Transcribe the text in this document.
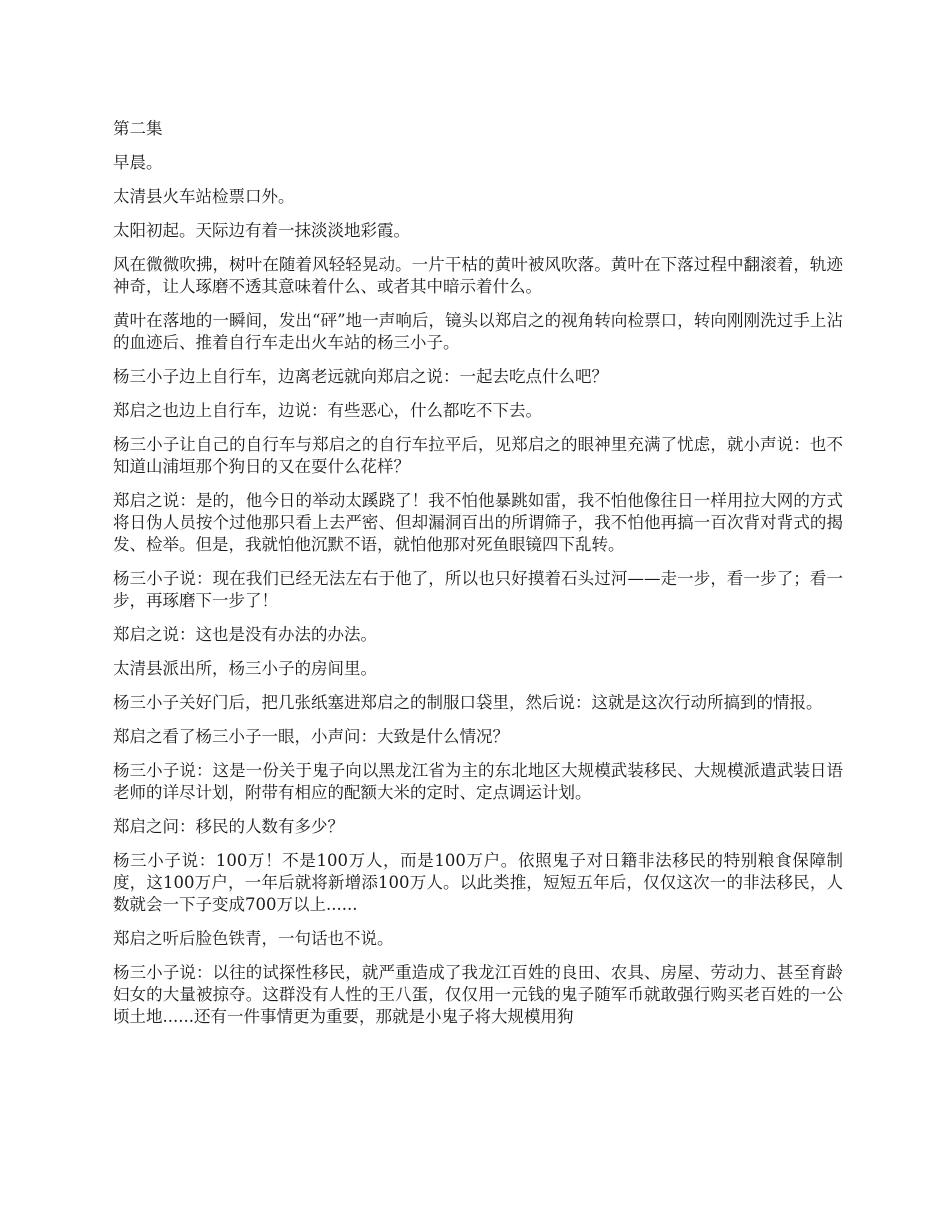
第二集

早晨。

太清县火车站检票口外。

太阳初起。天际边有着一抹淡淡地彩霞。

风在微微吹拂，树叶在随着风轻轻晃动。一片干枯的黄叶被风吹落。黄叶在下落过程中翻滚着，轨迹神奇，让人琢磨不透其意味着什么、或者其中暗示着什么。

黄叶在落地的一瞬间，发出“砰”地一声响后，镜头以郑启之的视角转向检票口，转向刚刚洗过手上沾的血迹后、推着自行车走出火车站的杨三小子。

杨三小子边上自行车，边离老远就向郑启之说：一起去吃点什么吧？

郑启之也边上自行车，边说：有些恶心，什么都吃不下去。

杨三小子让自己的自行车与郑启之的自行车拉平后，见郑启之的眼神里充满了忧虑，就小声说：也不知道山浦垣那个狗日的又在耍什么花样？

郑启之说：是的，他今日的举动太蹊跷了！我不怕他暴跳如雷，我不怕他像往日一样用拉大网的方式将日伪人员按个过他那只看上去严密、但却漏洞百出的所谓筛子，我不怕他再搞一百次背对背式的揭发、检举。但是，我就怕他沉默不语，就怕他那对死鱼眼镜四下乱转。

杨三小子说：现在我们已经无法左右于他了，所以也只好摸着石头过河——走一步，看一步了；看一步，再琢磨下一步了！

郑启之说：这也是没有办法的办法。

太清县派出所，杨三小子的房间里。

杨三小子关好门后，把几张纸塞进郑启之的制服口袋里，然后说：这就是这次行动所搞到的情报。

郑启之看了杨三小子一眼，小声问：大致是什么情况？

杨三小子说：这是一份关于鬼子向以黑龙江省为主的东北地区大规模武装移民、大规模派遣武装日语老师的详尽计划，附带有相应的配额大米的定时、定点调运计划。

郑启之问：移民的人数有多少？

杨三小子说：100万！不是100万人，而是100万户。依照鬼子对日籍非法移民的特别粮食保障制度，这100万户，一年后就将新增添100万人。以此类推，短短五年后，仅仅这次一的非法移民，人数就会一下子变成700万以上......

郑启之听后脸色铁青，一句话也不说。

杨三小子说：以往的试探性移民，就严重造成了我龙江百姓的良田、农具、房屋、劳动力、甚至育龄妇女的大量被掠夺。这群没有人性的王八蛋，仅仅用一元钱的鬼子随军币就敢强行购买老百姓的一公顷土地......还有一件事情更为重要，那就是小鬼子将大规模用狗
